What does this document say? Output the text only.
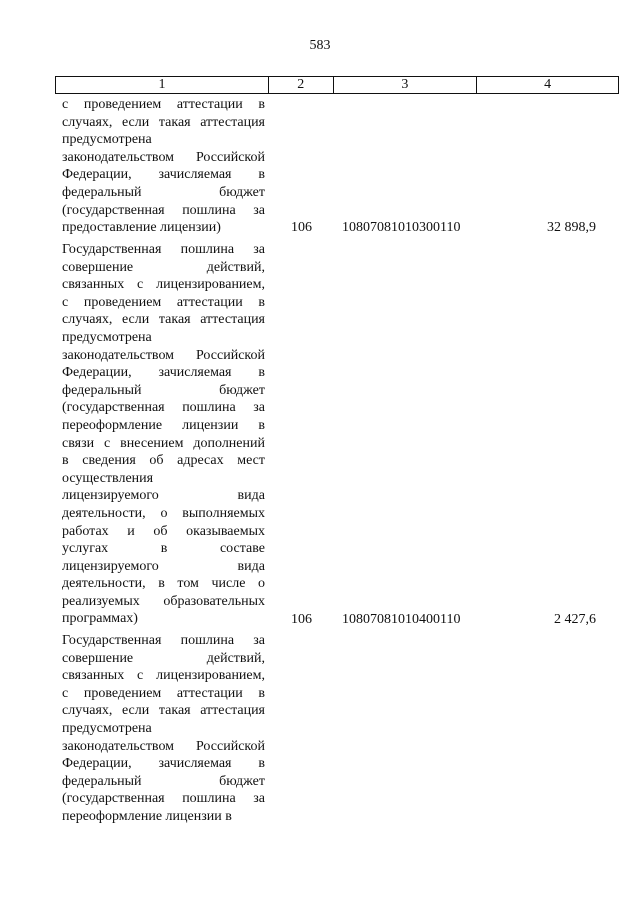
583
1	2	3	4
с проведением аттестации в
случаях, если такая аттестация
предусмотрена
законодательством Российской
Федерации, зачисляемая в
федеральный бюджет
(государственная пошлина за
предоставление лицензии)	106 10807081010300110	32 898,9
Государственная пошлина за
совершение действий,
связанных с лицензированием,
с проведением аттестации в
случаях, если такая аттестация
предусмотрена
законодательством Российской
Федерации, зачисляемая в
федеральный бюджет
(государственная пошлина за
переоформление лицензии в
связи с внесением дополнений
в сведения об адресах мест
осуществления
лицензируемого вида
деятельности, о выполняемых
работах и об оказываемых
услугах в составе
лицензируемого вида
деятельности, в том числе о
реализуемых образовательных
программах)	106 10807081010400110	2 427,6
Государственная пошлина за
совершение действий,
связанных с лицензированием,
с проведением аттестации в
случаях, если такая аттестация
предусмотрена
законодательством Российской
Федерации, зачисляемая в
федеральный бюджет
(государственная пошлина за
переоформление лицензии в
